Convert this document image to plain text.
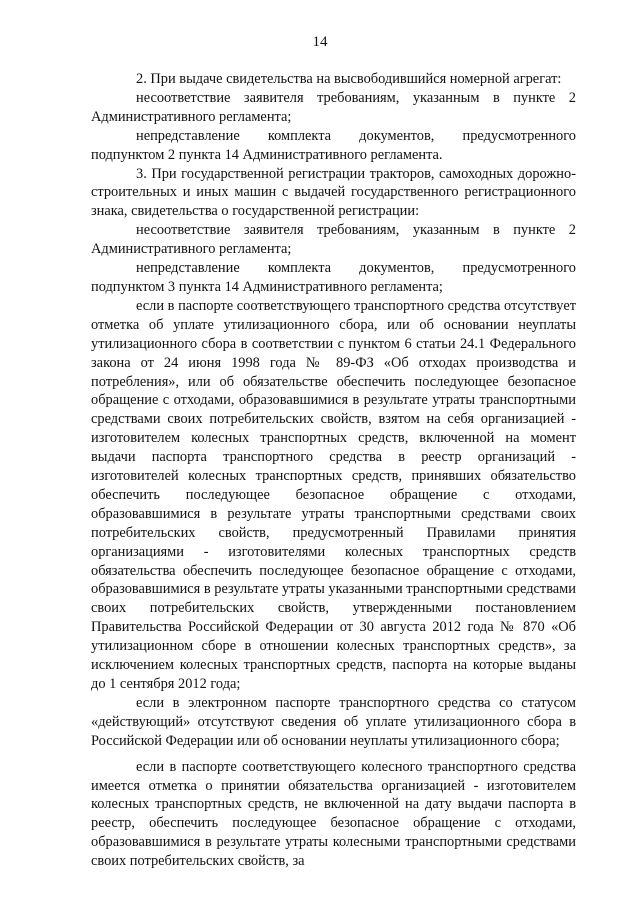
14

2. При выдаче свидетельства на высвободившийся номерной агрегат:

несоответствие заявителя требованиям, указанным в пункте 2 Административного регламента;

непредставление комплекта документов, предусмотренного подпунктом 2 пункта 14 Административного регламента.

3. При государственной регистрации тракторов, самоходных дорожно-строительных и иных машин с выдачей государственного регистрационного знака, свидетельства о государственной регистрации:

несоответствие заявителя требованиям, указанным в пункте 2 Административного регламента;

непредставление комплекта документов, предусмотренного подпунктом 3 пункта 14 Административного регламента;

если в паспорте соответствующего транспортного средства отсутствует отметка об уплате утилизационного сбора, или об основании неуплаты утилизационного сбора в соответствии с пунктом 6 статьи 24.1 Федерального закона от 24 июня 1998 года № 89-ФЗ «Об отходах производства и потребления», или об обязательстве обеспечить последующее безопасное обращение с отходами, образовавшимися в результате утраты транспортными средствами своих потребительских свойств, взятом на себя организацией - изготовителем колесных транспортных средств, включенной на момент выдачи паспорта транспортного средства в реестр организаций - изготовителей колесных транспортных средств, принявших обязательство обеспечить последующее безопасное обращение с отходами, образовавшимися в результате утраты транспортными средствами своих потребительских свойств, предусмотренный Правилами принятия организациями - изготовителями колесных транспортных средств обязательства обеспечить последующее безопасное обращение с отходами, образовавшимися в результате утраты указанными транспортными средствами своих потребительских свойств, утвержденными постановлением Правительства Российской Федерации от 30 августа 2012 года № 870 «Об утилизационном сборе в отношении колесных транспортных средств», за исключением колесных транспортных средств, паспорта на которые выданы до 1 сентября 2012 года;

если в электронном паспорте транспортного средства со статусом «действующий» отсутствуют сведения об уплате утилизационного сбора в Российской Федерации или об основании неуплаты утилизационного сбора;

если в паспорте соответствующего колесного транспортного средства имеется отметка о принятии обязательства организацией - изготовителем колесных транспортных средств, не включенной на дату выдачи паспорта в реестр, обеспечить последующее безопасное обращение с отходами, образовавшимися в результате утраты колесными транспортными средствами своих потребительских свойств, за
